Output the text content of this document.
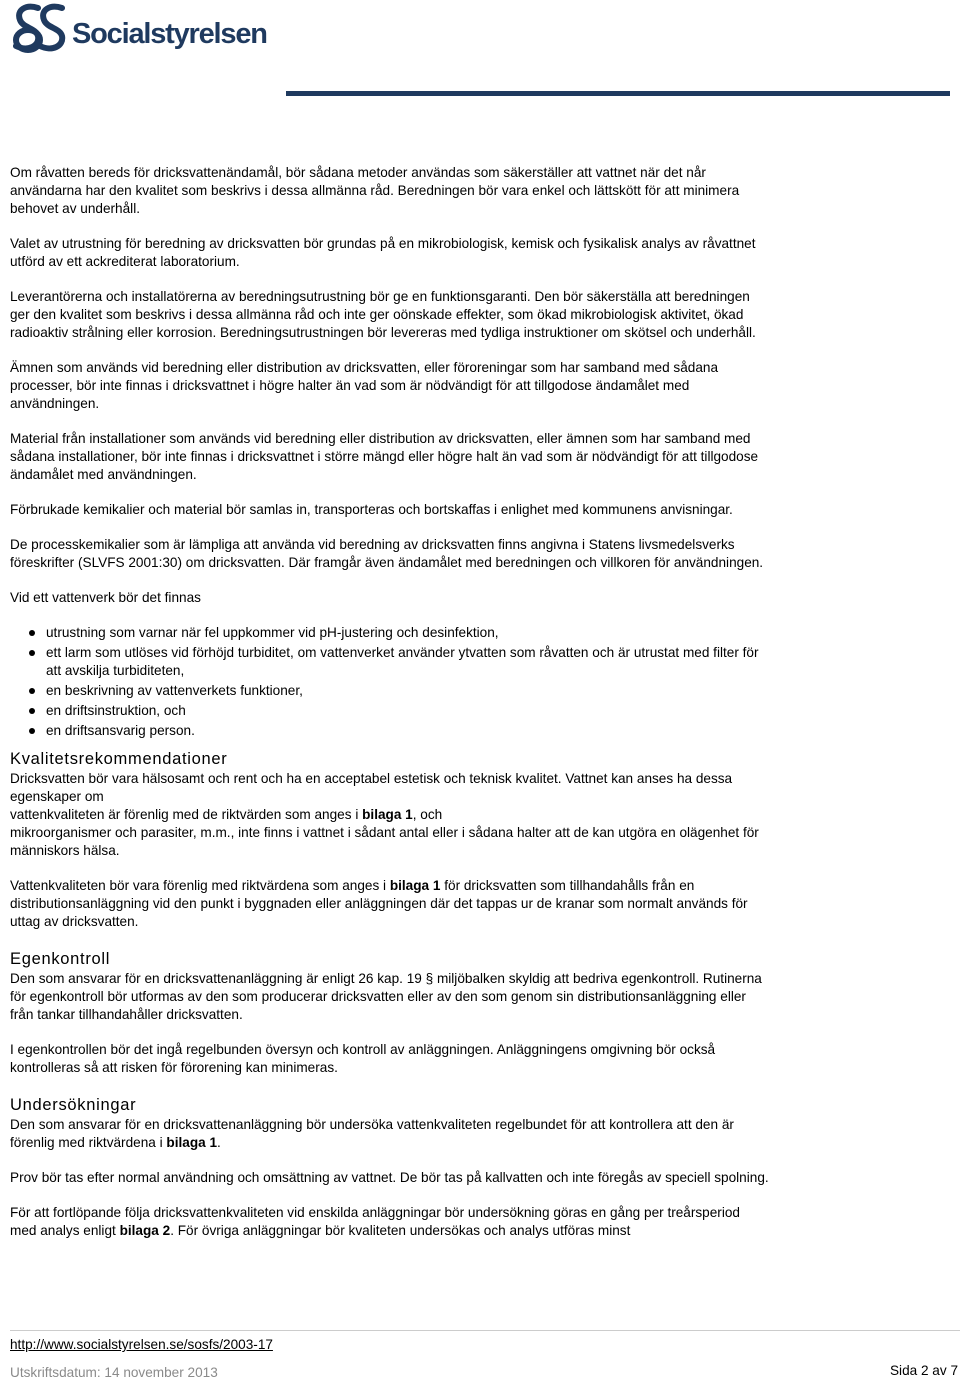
Socialstyrelsen

Om råvatten bereds för dricksvattenändamål, bör sådana metoder användas som säkerställer att vattnet när det når användarna har den kvalitet som beskrivs i dessa allmänna råd. Beredningen bör vara enkel och lättskött för att minimera behovet av underhåll.

Valet av utrustning för beredning av dricksvatten bör grundas på en mikrobiologisk, kemisk och fysikalisk analys av råvattnet utförd av ett ackrediterat laboratorium.

Leverantörerna och installatörerna av beredningsutrustning bör ge en funktionsgaranti. Den bör säkerställa att beredningen ger den kvalitet som beskrivs i dessa allmänna råd och inte ger oönskade effekter, som ökad mikrobiologisk aktivitet, ökad radioaktiv strålning eller korrosion. Beredningsutrustningen bör levereras med tydliga instruktioner om skötsel och underhåll.

Ämnen som används vid beredning eller distribution av dricksvatten, eller föroreningar som har samband med sådana processer, bör inte finnas i dricksvattnet i högre halter än vad som är nödvändigt för att tillgodose ändamålet med användningen.

Material från installationer som används vid beredning eller distribution av dricksvatten, eller ämnen som har samband med sådana installationer, bör inte finnas i dricksvattnet i större mängd eller högre halt än vad som är nödvändigt för att tillgodose ändamålet med användningen.

Förbrukade kemikalier och material bör samlas in, transporteras och bortskaffas i enlighet med kommunens anvisningar.

De processkemikalier som är lämpliga att använda vid beredning av dricksvatten finns angivna i Statens livsmedelsverks föreskrifter (SLVFS 2001:30) om dricksvatten. Där framgår även ändamålet med beredningen och villkoren för användningen.

Vid ett vattenverk bör det finnas

utrustning som varnar när fel uppkommer vid pH-justering och desinfektion,
ett larm som utlöses vid förhöjd turbiditet, om vattenverket använder ytvatten som råvatten och är utrustat med filter för att avskilja turbiditeten,
en beskrivning av vattenverkets funktioner,
en driftsinstruktion, och
en driftsansvarig person.
Kvalitetsrekommendationer

Dricksvatten bör vara hälsosamt och rent och ha en acceptabel estetisk och teknisk kvalitet. Vattnet kan anses ha dessa egenskaper om
vattenkvaliteten är förenlig med de riktvärden som anges i bilaga 1, och
mikroorganismer och parasiter, m.m., inte finns i vattnet i sådant antal eller i sådana halter att de kan utgöra en olägenhet för människors hälsa.

Vattenkvaliteten bör vara förenlig med riktvärdena som anges i bilaga 1 för dricksvatten som tillhandahålls från en distributionsanläggning vid den punkt i byggnaden eller anläggningen där det tappas ur de kranar som normalt används för uttag av dricksvatten.

Egenkontroll

Den som ansvarar för en dricksvattenanläggning är enligt 26 kap. 19 § miljöbalken skyldig att bedriva egenkontroll. Rutinerna för egenkontroll bör utformas av den som producerar dricksvatten eller av den som genom sin distributionsanläggning eller från tankar tillhandahåller dricksvatten.

I egenkontrollen bör det ingå regelbunden översyn och kontroll av anläggningen. Anläggningens omgivning bör också kontrolleras så att risken för förorening kan minimeras.

Undersökningar

Den som ansvarar för en dricksvattenanläggning bör undersöka vattenkvaliteten regelbundet för att kontrollera att den är förenlig med riktvärdena i bilaga 1.

Prov bör tas efter normal användning och omsättning av vattnet. De bör tas på kallvatten och inte föregås av speciell spolning.

För att fortlöpande följa dricksvattenkvaliteten vid enskilda anläggningar bör undersökning göras en gång per treårsperiod med analys enligt bilaga 2. För övriga anläggningar bör kvaliteten undersökas och analys utföras minst

http://www.socialstyrelsen.se/sosfs/2003-17
Utskriftsdatum: 14 november 2013	Sida 2 av 7
